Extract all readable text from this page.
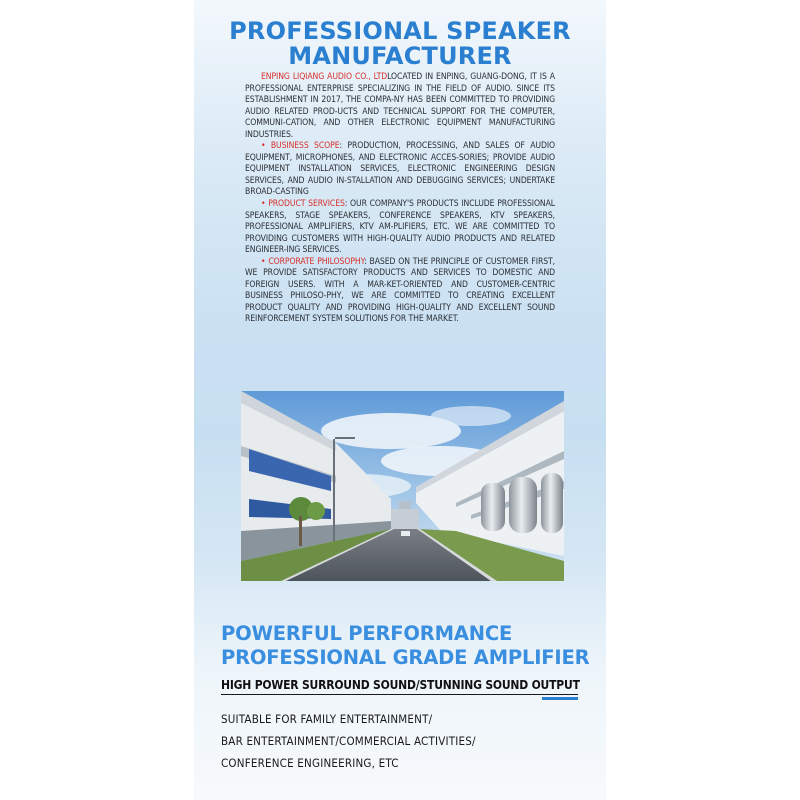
PROFESSIONAL SPEAKER
MANUFACTURER

ENPING LIQIANG AUDIO CO., LTDLOCATED IN ENPING, GUANG-DONG, IT IS A PROFESSIONAL ENTERPRISE SPECIALIZING IN THE FIELD OF AUDIO. SINCE ITS ESTABLISHMENT IN 2017, THE COMPA-NY HAS BEEN COMMITTED TO PROVIDING AUDIO RELATED PROD-UCTS AND TECHNICAL SUPPORT FOR THE COMPUTER, COMMUNI-CATION, AND OTHER ELECTRONIC EQUIPMENT MANUFACTURING INDUSTRIES.

• BUSINESS SCOPE: PRODUCTION, PROCESSING, AND SALES OF AUDIO EQUIPMENT, MICROPHONES, AND ELECTRONIC ACCES-SORIES; PROVIDE AUDIO EQUIPMENT INSTALLATION SERVICES, ELECTRONIC ENGINEERING DESIGN SERVICES, AND AUDIO IN-STALLATION AND DEBUGGING SERVICES; UNDERTAKE BROAD-CASTING

• PRODUCT SERVICES: OUR COMPANY'S PRODUCTS INCLUDE PROFESSIONAL SPEAKERS, STAGE SPEAKERS, CONFERENCE SPEAKERS, KTV SPEAKERS, PROFESSIONAL AMPLIFIERS, KTV AM-PLIFIERS, ETC. WE ARE COMMITTED TO PROVIDING CUSTOMERS WITH HIGH-QUALITY AUDIO PRODUCTS AND RELATED ENGINEER-ING SERVICES.

• CORPORATE PHILOSOPHY: BASED ON THE PRINCIPLE OF CUSTOMER FIRST, WE PROVIDE SATISFACTORY PRODUCTS AND SERVICES TO DOMESTIC AND FOREIGN USERS. WITH A MAR-KET-ORIENTED AND CUSTOMER-CENTRIC BUSINESS PHILOSO-PHY, WE ARE COMMITTED TO CREATING EXCELLENT PRODUCT QUALITY AND PROVIDING HIGH-QUALITY AND EXCELLENT SOUND REINFORCEMENT SYSTEM SOLUTIONS FOR THE MARKET.

POWERFUL PERFORMANCE
PROFESSIONAL GRADE AMPLIFIER
HIGH POWER SURROUND SOUND/STUNNING SOUND OUTPUT
SUITABLE FOR FAMILY ENTERTAINMENT/
BAR ENTERTAINMENT/COMMERCIAL ACTIVITIES/
CONFERENCE ENGINEERING, ETC
